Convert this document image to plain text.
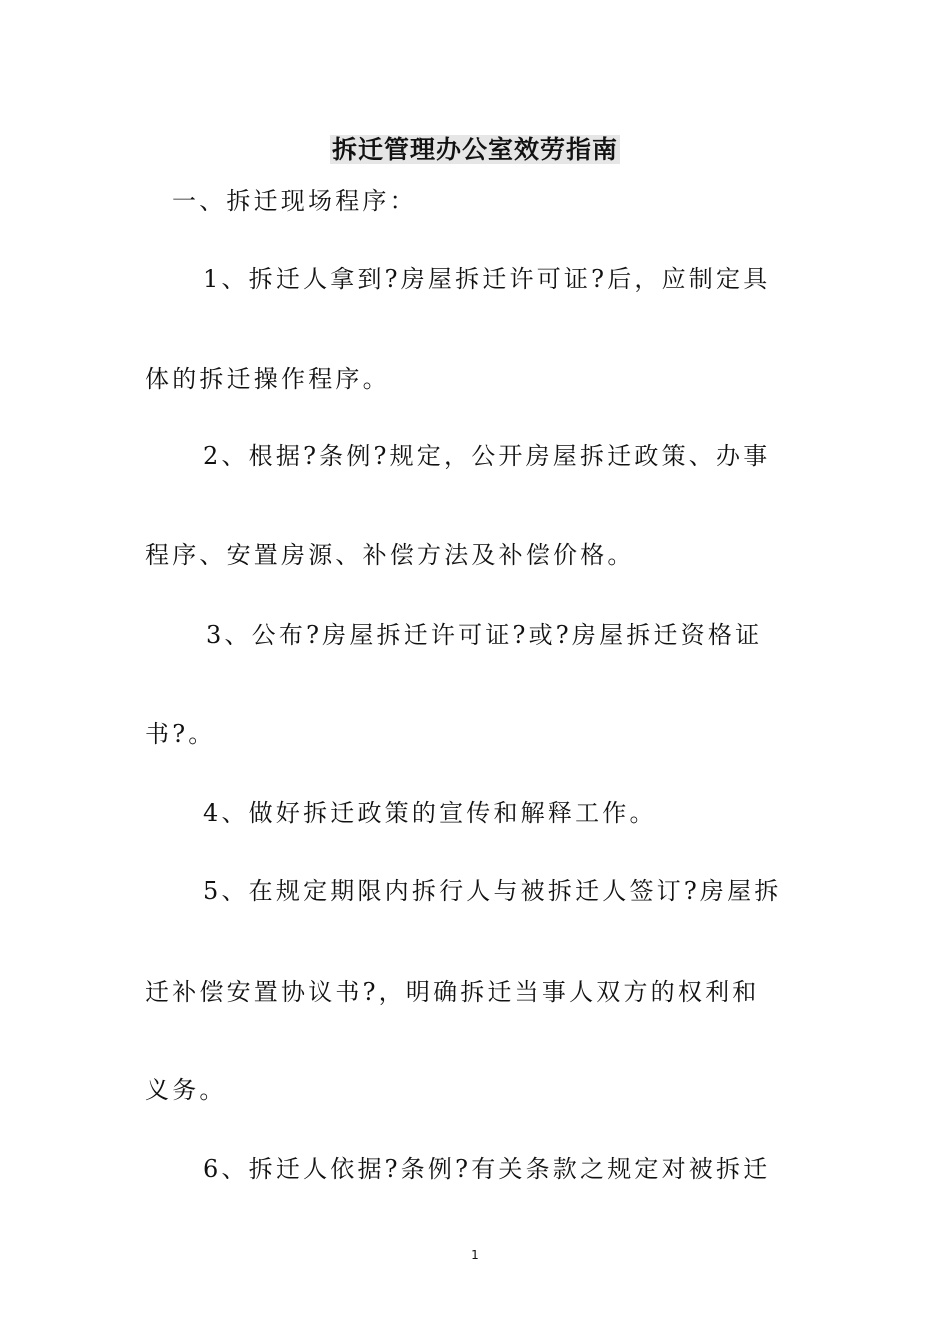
拆迁管理办公室效劳指南
一、拆迁现场程序：
1、拆迁人拿到?房屋拆迁许可证?后，应制定具
体的拆迁操作程序。
2、根据?条例?规定，公开房屋拆迁政策、办事
程序、安置房源、补偿方法及补偿价格。
3、公布?房屋拆迁许可证?或?房屋拆迁资格证
书?。
4、做好拆迁政策的宣传和解释工作。
5、在规定期限内拆行人与被拆迁人签订?房屋拆
迁补偿安置协议书?，明确拆迁当事人双方的权利和
义务。
6、拆迁人依据?条例?有关条款之规定对被拆迁
1
